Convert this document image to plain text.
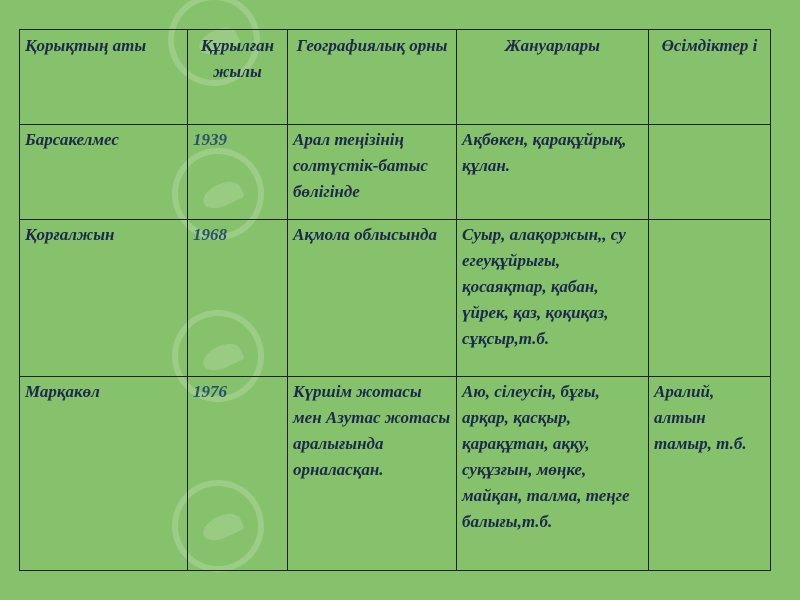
Қорықтың аты	Құрылған жылы	Географиялық орны	Жануарлары	Өсімдіктер і
Барсакелмес	1939	Арал теңізінің солтүстік-батыс бөлігінде	Ақбөкен, қарақұйрық, құлан.	
Қорғалжын	1968	Ақмола облысында	Суыр, алақоржын,, су егеуқұйрығы, қосаяқтар, қабан, үйрек, қаз, қоқиқаз, сұқсыр,т.б.	
Марқакөл	1976	Күршім жотасы мен Азутас жотасы аралығында орналасқан.	Аю, сілеусін, бұғы, арқар, қасқыр, қарақұтан, аққу, суқұзғын, мөңке, майқан, талма, теңге балығы,т.б.	Аралий, алтын тамыр, т.б.
